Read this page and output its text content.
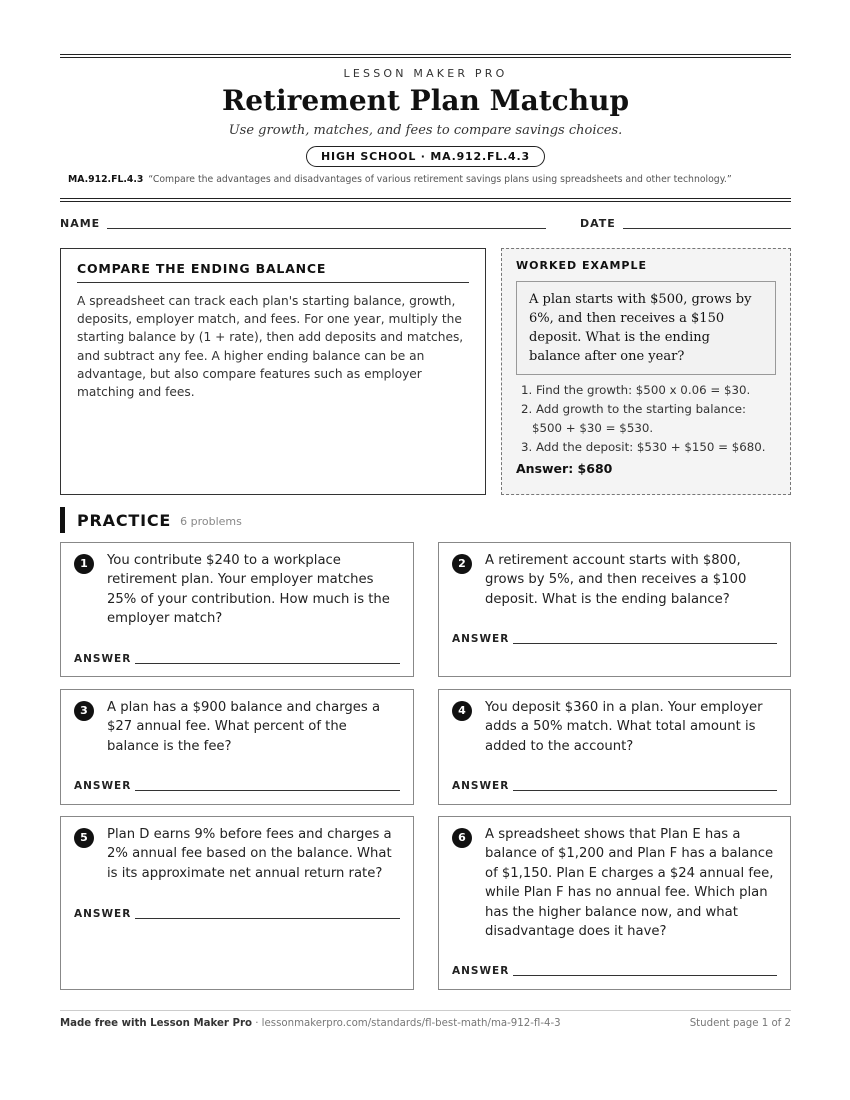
LESSON MAKER PRO
Retirement Plan Matchup
Use growth, matches, and fees to compare savings choices.
HIGH SCHOOL · MA.912.FL.4.3
MA.912.FL.4.3 “Compare the advantages and disadvantages of various retirement savings plans using spreadsheets and other technology.”
NAME	DATE
COMPARE THE ENDING BALANCE
A spreadsheet can track each plan's starting balance, growth, deposits, employer match, and fees. For one year, multiply the starting balance by (1 + rate), then add deposits and matches, and subtract any fee. A higher ending balance can be an advantage, but also compare features such as employer matching and fees.
WORKED EXAMPLE
A plan starts with $500, grows by 6%, and then receives a $150 deposit. What is the ending balance after one year?
1. Find the growth: $500 x 0.06 = $30.
2. Add growth to the starting balance: $500 + $30 = $530.
3. Add the deposit: $530 + $150 = $680.
Answer: $680
PRACTICE 6 problems
1	You contribute $240 to a workplace retirement plan. Your employer matches 25% of your contribution. How much is the employer match?
ANSWER
2	A retirement account starts with $800, grows by 5%, and then receives a $100 deposit. What is the ending balance?
ANSWER
3	A plan has a $900 balance and charges a $27 annual fee. What percent of the balance is the fee?
ANSWER
4	You deposit $360 in a plan. Your employer adds a 50% match. What total amount is added to the account?
ANSWER
5	Plan D earns 9% before fees and charges a 2% annual fee based on the balance. What is its approximate net annual return rate?
ANSWER
6	A spreadsheet shows that Plan E has a balance of $1,200 and Plan F has a balance of $1,150. Plan E charges a $24 annual fee, while Plan F has no annual fee. Which plan has the higher balance now, and what disadvantage does it have?
ANSWER
Made free with Lesson Maker Pro · lessonmakerpro.com/standards/fl-best-math/ma-912-fl-4-3	Student page 1 of 2
